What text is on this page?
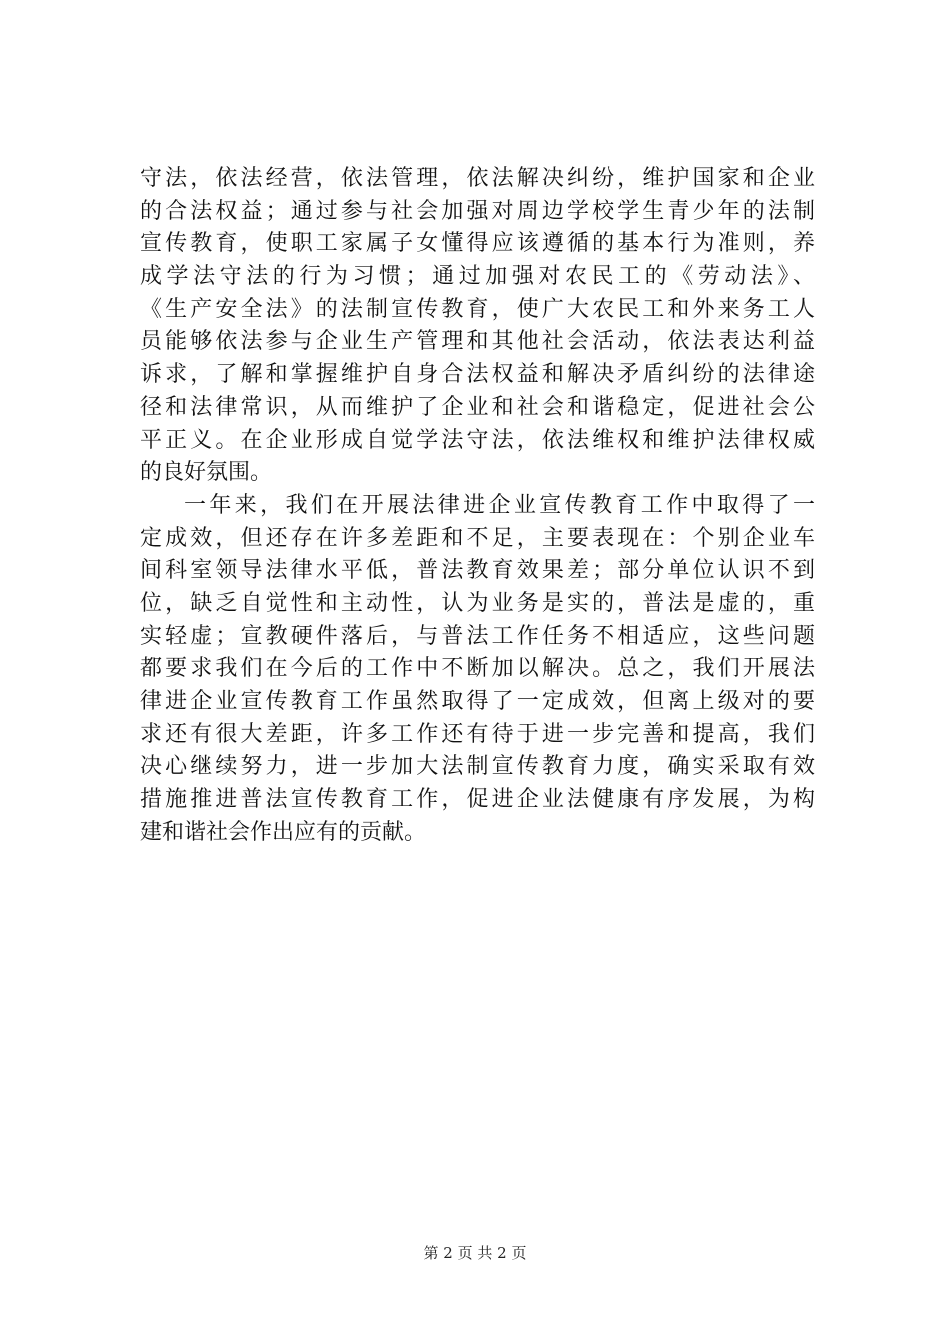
守法，依法经营，依法管理，依法解决纠纷，维护国家和企业
的合法权益；通过参与社会加强对周边学校学生青少年的法制
宣传教育，使职工家属子女懂得应该遵循的基本行为准则，养
成学法守法的行为习惯；通过加强对农民工的《劳动法》、
《生产安全法》的法制宣传教育，使广大农民工和外来务工人
员能够依法参与企业生产管理和其他社会活动，依法表达利益
诉求，了解和掌握维护自身合法权益和解决矛盾纠纷的法律途
径和法律常识，从而维护了企业和社会和谐稳定，促进社会公
平正义。在企业形成自觉学法守法，依法维权和维护法律权威
的良好氛围。
一年来，我们在开展法律进企业宣传教育工作中取得了一
定成效，但还存在许多差距和不足，主要表现在：个别企业车
间科室领导法律水平低，普法教育效果差；部分单位认识不到
位，缺乏自觉性和主动性，认为业务是实的，普法是虚的，重
实轻虚；宣教硬件落后，与普法工作任务不相适应，这些问题
都要求我们在今后的工作中不断加以解决。总之，我们开展法
律进企业宣传教育工作虽然取得了一定成效，但离上级对的要
求还有很大差距，许多工作还有待于进一步完善和提高，我们
决心继续努力，进一步加大法制宣传教育力度，确实采取有效
措施推进普法宣传教育工作，促进企业法健康有序发展，为构
建和谐社会作出应有的贡献。
第 2 页 共 2 页
